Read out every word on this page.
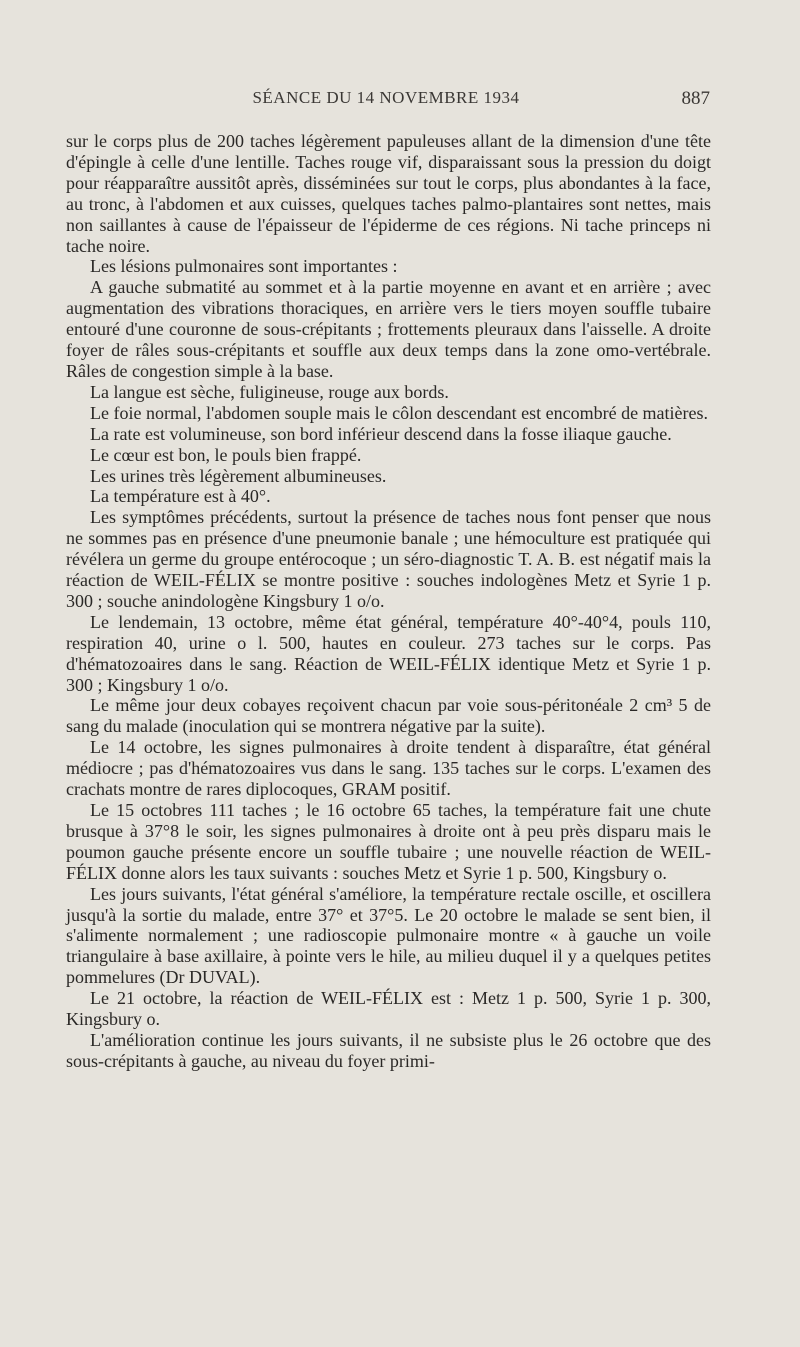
SÉANCE DU 14 NOVEMBRE 1934	887

sur le corps plus de 200 taches légèrement papuleuses allant de la dimension d'une tête d'épingle à celle d'une lentille. Taches rouge vif, disparaissant sous la pression du doigt pour réapparaître aussitôt après, disséminées sur tout le corps, plus abondantes à la face, au tronc, à l'abdomen et aux cuisses, quelques taches palmo-plantaires sont nettes, mais non saillantes à cause de l'épaisseur de l'épiderme de ces régions. Ni tache princeps ni tache noire.

Les lésions pulmonaires sont importantes :

A gauche submatité au sommet et à la partie moyenne en avant et en arrière ; avec augmentation des vibrations thoraciques, en arrière vers le tiers moyen souffle tubaire entouré d'une couronne de sous-crépitants ; frottements pleuraux dans l'aisselle. A droite foyer de râles sous-crépitants et souffle aux deux temps dans la zone omo-vertébrale. Râles de congestion simple à la base.

La langue est sèche, fuligineuse, rouge aux bords.

Le foie normal, l'abdomen souple mais le côlon descendant est encombré de matières.

La rate est volumineuse, son bord inférieur descend dans la fosse iliaque gauche.

Le cœur est bon, le pouls bien frappé.

Les urines très légèrement albumineuses.

La température est à 40°.

Les symptômes précédents, surtout la présence de taches nous font penser que nous ne sommes pas en présence d'une pneumonie banale ; une hémoculture est pratiquée qui révélera un germe du groupe entérocoque ; un séro-diagnostic T. A. B. est négatif mais la réaction de WEIL-FÉLIX se montre positive : souches indologènes Metz et Syrie 1 p. 300 ; souche anindologène Kingsbury 1 o/o.

Le lendemain, 13 octobre, même état général, température 40°-40°4, pouls 110, respiration 40, urine o l. 500, hautes en couleur. 273 taches sur le corps. Pas d'hématozoaires dans le sang. Réaction de WEIL-FÉLIX identique Metz et Syrie 1 p. 300 ; Kingsbury 1 o/o.

Le même jour deux cobayes reçoivent chacun par voie sous-péritonéale 2 cm³ 5 de sang du malade (inoculation qui se montrera négative par la suite).

Le 14 octobre, les signes pulmonaires à droite tendent à disparaître, état général médiocre ; pas d'hématozoaires vus dans le sang. 135 taches sur le corps. L'examen des crachats montre de rares diplocoques, GRAM positif.

Le 15 octobres 111 taches ; le 16 octobre 65 taches, la température fait une chute brusque à 37°8 le soir, les signes pulmonaires à droite ont à peu près disparu mais le poumon gauche présente encore un souffle tubaire ; une nouvelle réaction de WEIL-FÉLIX donne alors les taux suivants : souches Metz et Syrie 1 p. 500, Kingsbury o.

Les jours suivants, l'état général s'améliore, la température rectale oscille, et oscillera jusqu'à la sortie du malade, entre 37° et 37°5. Le 20 octobre le malade se sent bien, il s'alimente normalement ; une radioscopie pulmonaire montre « à gauche un voile triangulaire à base axillaire, à pointe vers le hile, au milieu duquel il y a quelques petites pommelures (Dr DUVAL).

Le 21 octobre, la réaction de WEIL-FÉLIX est : Metz 1 p. 500, Syrie 1 p. 300, Kingsbury o.

L'amélioration continue les jours suivants, il ne subsiste plus le 26 octobre que des sous-crépitants à gauche, au niveau du foyer primi-
